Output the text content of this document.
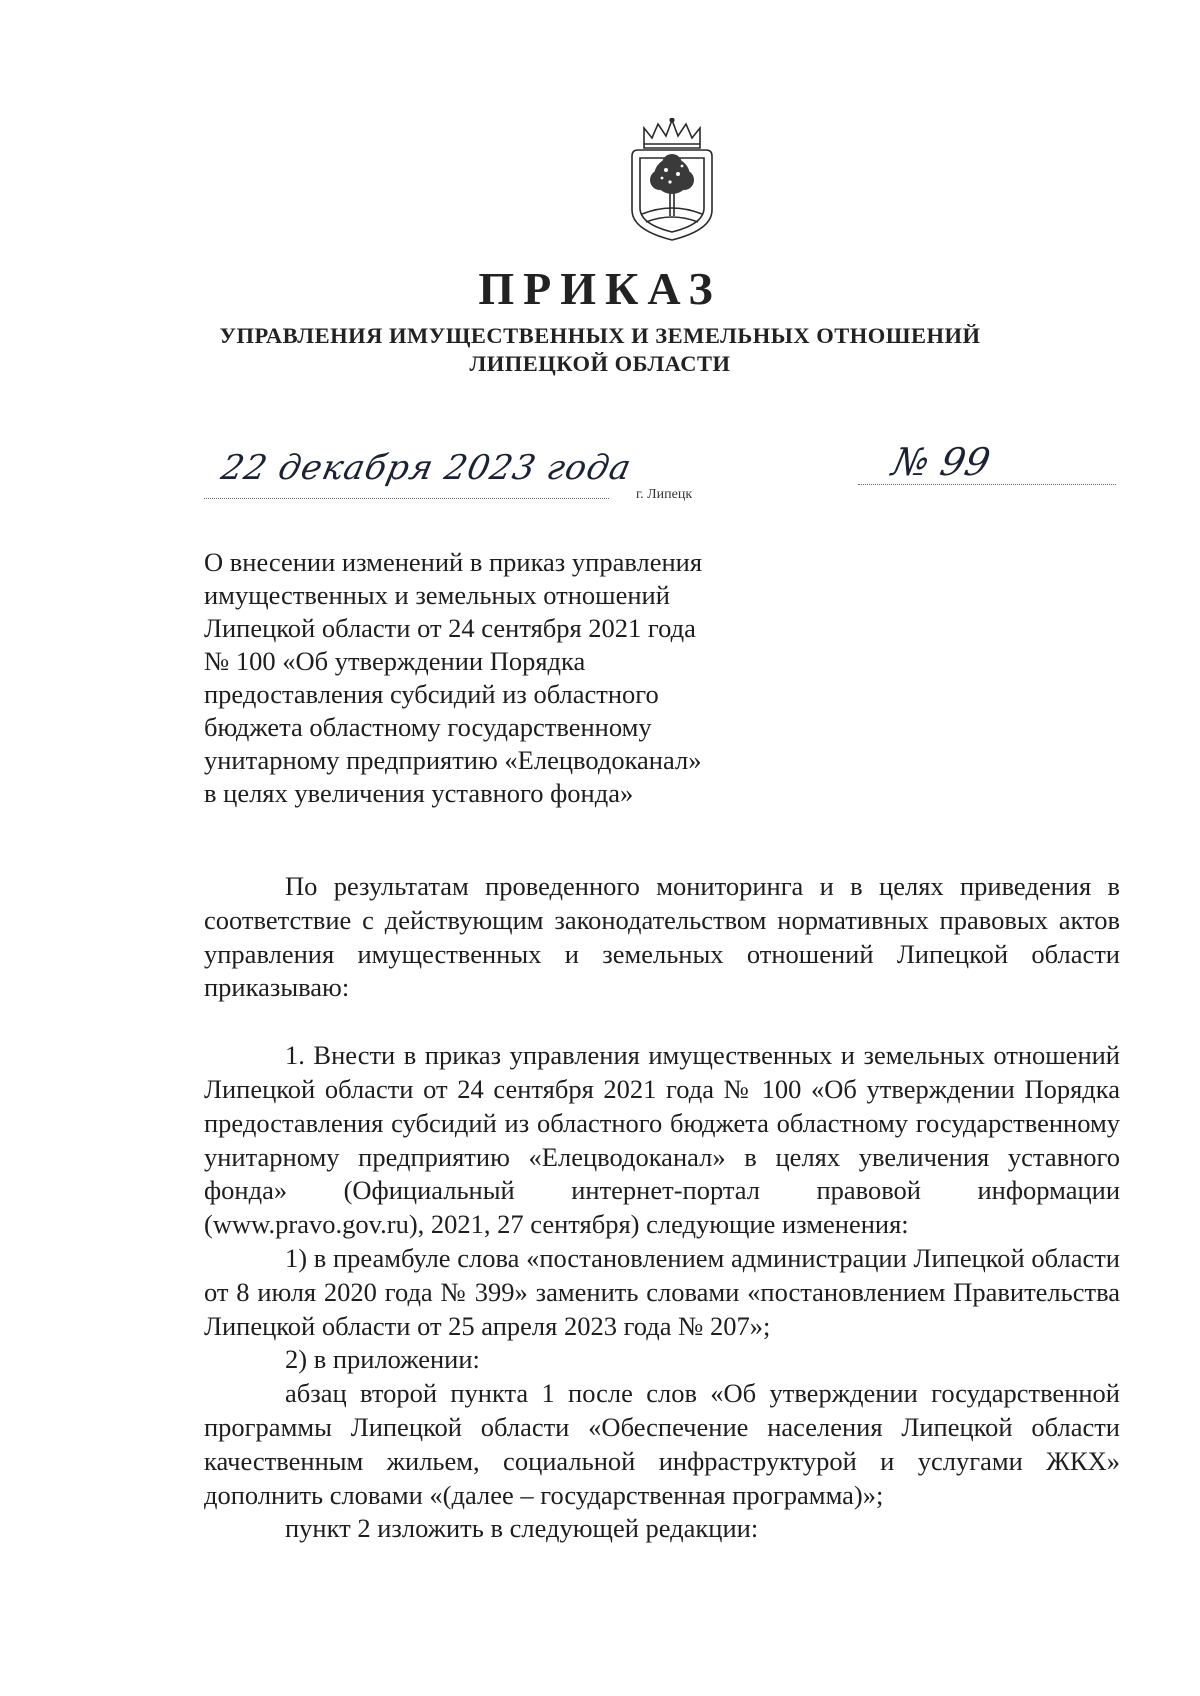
ПРИКАЗ
УПРАВЛЕНИЯ ИМУЩЕСТВЕННЫХ И ЗЕМЕЛЬНЫХ ОТНОШЕНИЙ
ЛИПЕЦКОЙ ОБЛАСТИ
22 декабря 2023 года
г. Липецк
№ 99
О внесении изменений в приказ управления
имущественных и земельных отношений
Липецкой области от 24 сентября 2021 года
№ 100 «Об утверждении Порядка
предоставления субсидий из областного
бюджета областному государственному
унитарному предприятию «Елецводоканал»
в целях увеличения уставного фонда»

По результатам проведенного мониторинга и в целях приведения в соответствие с действующим законодательством нормативных правовых актов управления имущественных и земельных отношений Липецкой области приказываю:

1. Внести в приказ управления имущественных и земельных отношений Липецкой области от 24 сентября 2021 года № 100 «Об утверждении Порядка предоставления субсидий из областного бюджета областному государственному унитарному предприятию «Елецводоканал» в целях увеличения уставного фонда» (Официальный интернет-портал правовой информации (www.pravo.gov.ru), 2021, 27 сентября) следующие изменения:

1) в преамбуле слова «постановлением администрации Липецкой области от 8 июля 2020 года № 399» заменить словами «постановлением Правительства Липецкой области от 25 апреля 2023 года № 207»;

2) в приложении:

абзац второй пункта 1 после слов «Об утверждении государственной программы Липецкой области «Обеспечение населения Липецкой области качественным жильем, социальной инфраструктурой и услугами ЖКХ» дополнить словами «(далее – государственная программа)»;

пункт 2 изложить в следующей редакции:
